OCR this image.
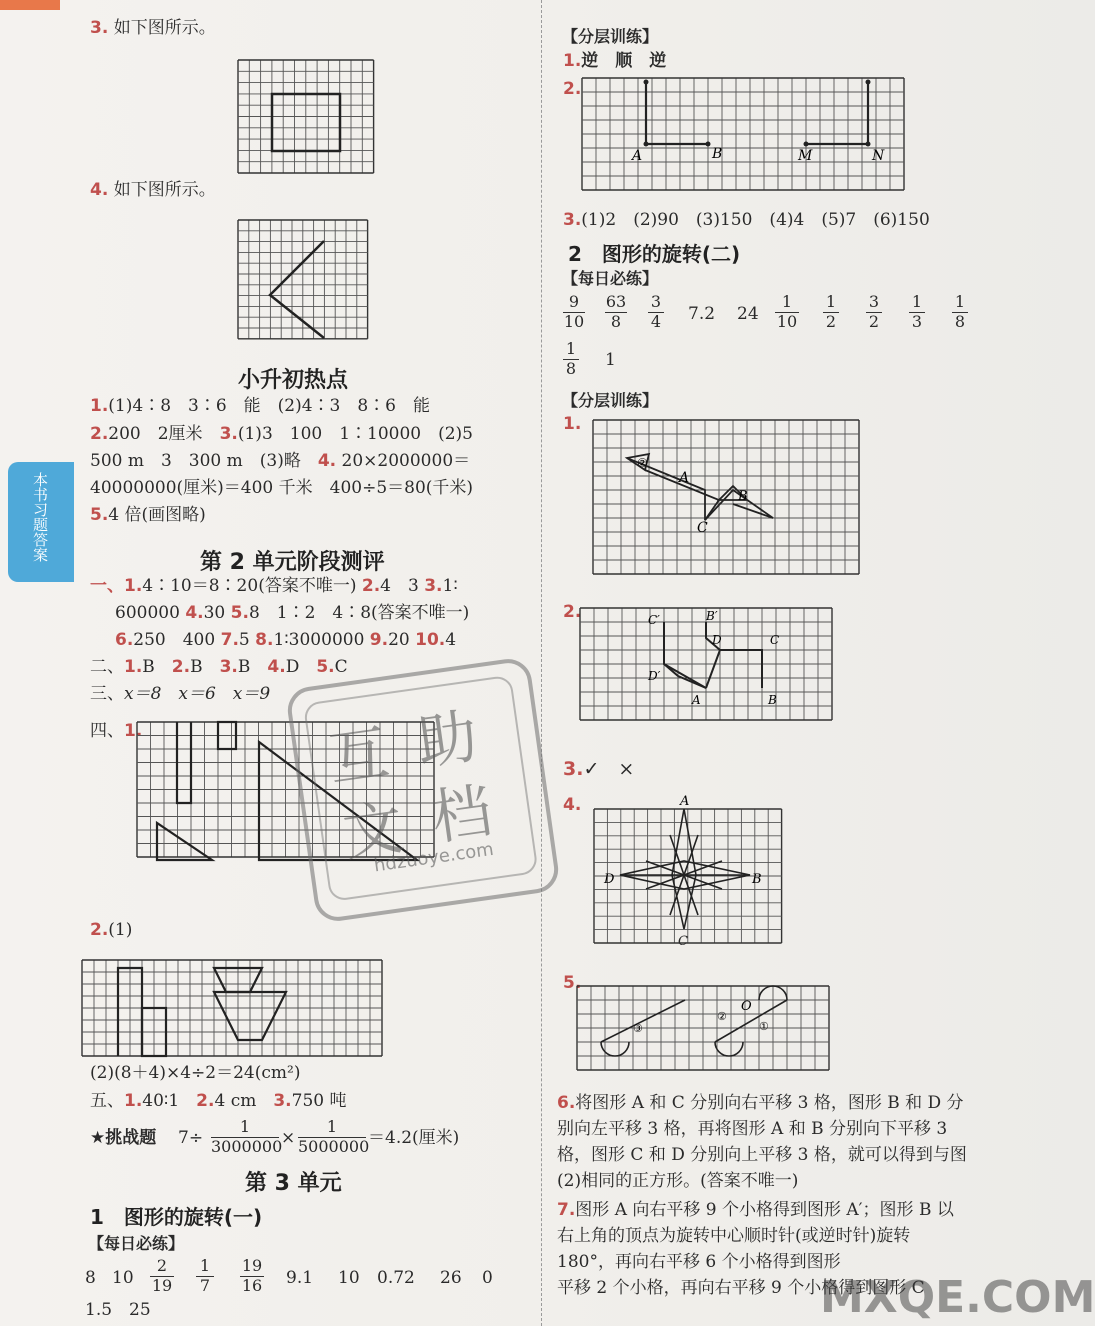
本书习题答案
3. 如下图所示。
4. 如下图所示。
小升初热点
1.(1)4∶8　3∶6　能　(2)4∶3　8∶6　能
2.200　2厘米　3.(1)3　100　1∶10000　(2)5
500 m　3　300 m　(3)略　4. 20×2000000＝
40000000(厘米)＝400 千米　400÷5＝80(千米)
5.4 倍(画图略)
第 2 单元阶段测评
一、1.4∶10＝8∶20(答案不唯一) 2.4　3 3.1∶
600000 4.30 5.8　1∶2　4∶8(答案不唯一)
6.250　400 7.5 8.1∶3000000 9.20 10.4
二、1.B　 2.B　 3.B　 4.D　 5.C
三、x＝8　x＝6　x＝9
四、1.
2.(1)
(2)(8＋4)×4÷2＝24(cm²)
五、1.40∶1　 2.4 cm　 3.750 吨
★挑战题 7÷
1
3000000
×
1
5000000
＝4.2(厘米)
第 3 单元
1　图形的旋转(一)
【每日必练】
8 10
2
19
1
7
19
16 9.1 10 0.72 26 0
1.5　25
互 助
文 档
hdzuoye.com
【分层训练】
1.逆　顺　逆
2.
A	B	M	N
3.(1)2　(2)90　(3)150　(4)4　(5)7　(6)150
2　图形的旋转(二)
【每日必练】
9
10
63
8
3
4 7.2 24
1
10
1
2
3
2
1
3
1
8
1
8 1
【分层训练】
1.
②
A
B
C
2.	C′	B′
D	C
D′
A	B
3.✓　×
4.	A
B
D
C
5.
③
②
O
①
6.将图形 A 和 C 分别向右平移 3 格，图形 B 和 D 分
别向左平移 3 格，再将图形 A 和 B 分别向下平移 3
格，图形 C 和 D 分别向上平移 3 格，就可以得到与图
(2)相同的正方形。(答案不唯一)
7.图形 A 向右平移 9 个小格得到图形 A′；图形 B 以
右上角的顶点为旋转中心顺时针(或逆时针)旋转
180°，再向右平移 6 个小格得到图形
平移 2 个小格，再向右平移 9 个小格得到图形 C
MXQE.COM
